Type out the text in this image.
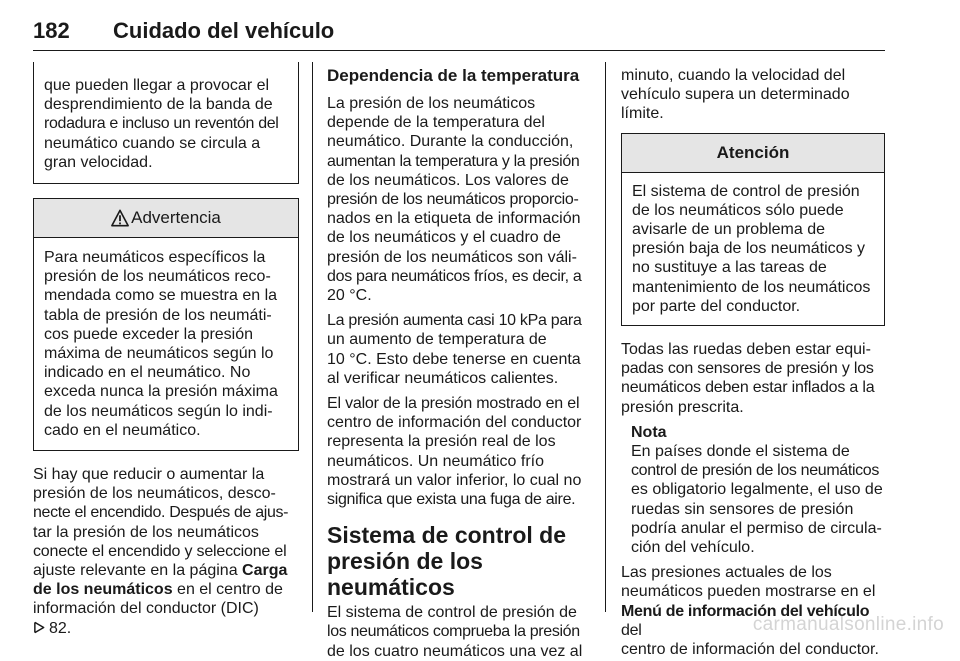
182 Cuidado del vehículo

que pueden llegar a provocar el

desprendimiento de la banda de

rodadura e incluso un reventón del

neumático cuando se circula a

gran velocidad.

Advertencia

Para neumáticos específicos la

presión de los neumáticos reco-

mendada como se muestra en la

tabla de presión de los neumáti-

cos puede exceder la presión

máxima de neumáticos según lo

indicado en el neumático. No

exceda nunca la presión máxima

de los neumáticos según lo indi-

cado en el neumático.

Si hay que reducir o aumentar la

presión de los neumáticos, desco-

necte el encendido. Después de ajus-

tar la presión de los neumáticos

conecte el encendido y seleccione el

ajuste relevante en la página Carga

de los neumáticos en el centro de

información del conductor (DIC)

82.

Dependencia de la temperatura

La presión de los neumáticos

depende de la temperatura del

neumático. Durante la conducción,

aumentan la temperatura y la presión

de los neumáticos. Los valores de

presión de los neumáticos proporcio-

nados en la etiqueta de información

de los neumáticos y el cuadro de

presión de los neumáticos son váli-

dos para neumáticos fríos, es decir, a

20 °C.

La presión aumenta casi 10 kPa para

un aumento de temperatura de

10 °C. Esto debe tenerse en cuenta

al verificar neumáticos calientes.

El valor de la presión mostrado en el

centro de información del conductor

representa la presión real de los

neumáticos. Un neumático frío

mostrará un valor inferior, lo cual no

significa que exista una fuga de aire.

Sistema de control de
presión de los neumáticos

El sistema de control de presión de

los neumáticos comprueba la presión

de los cuatro neumáticos una vez al

minuto, cuando la velocidad del

vehículo supera un determinado

límite.

Atención

El sistema de control de presión

de los neumáticos sólo puede

avisarle de un problema de

presión baja de los neumáticos y

no sustituye a las tareas de

mantenimiento de los neumáticos

por parte del conductor.

Todas las ruedas deben estar equi-

padas con sensores de presión y los

neumáticos deben estar inflados a la

presión prescrita.

Nota

En países donde el sistema de

control de presión de los neumáticos

es obligatorio legalmente, el uso de

ruedas sin sensores de presión

podría anular el permiso de circula-

ción del vehículo.

Las presiones actuales de los

neumáticos pueden mostrarse en el

Menú de información del vehículo del

centro de información del conductor.

carmanualsonline.info
